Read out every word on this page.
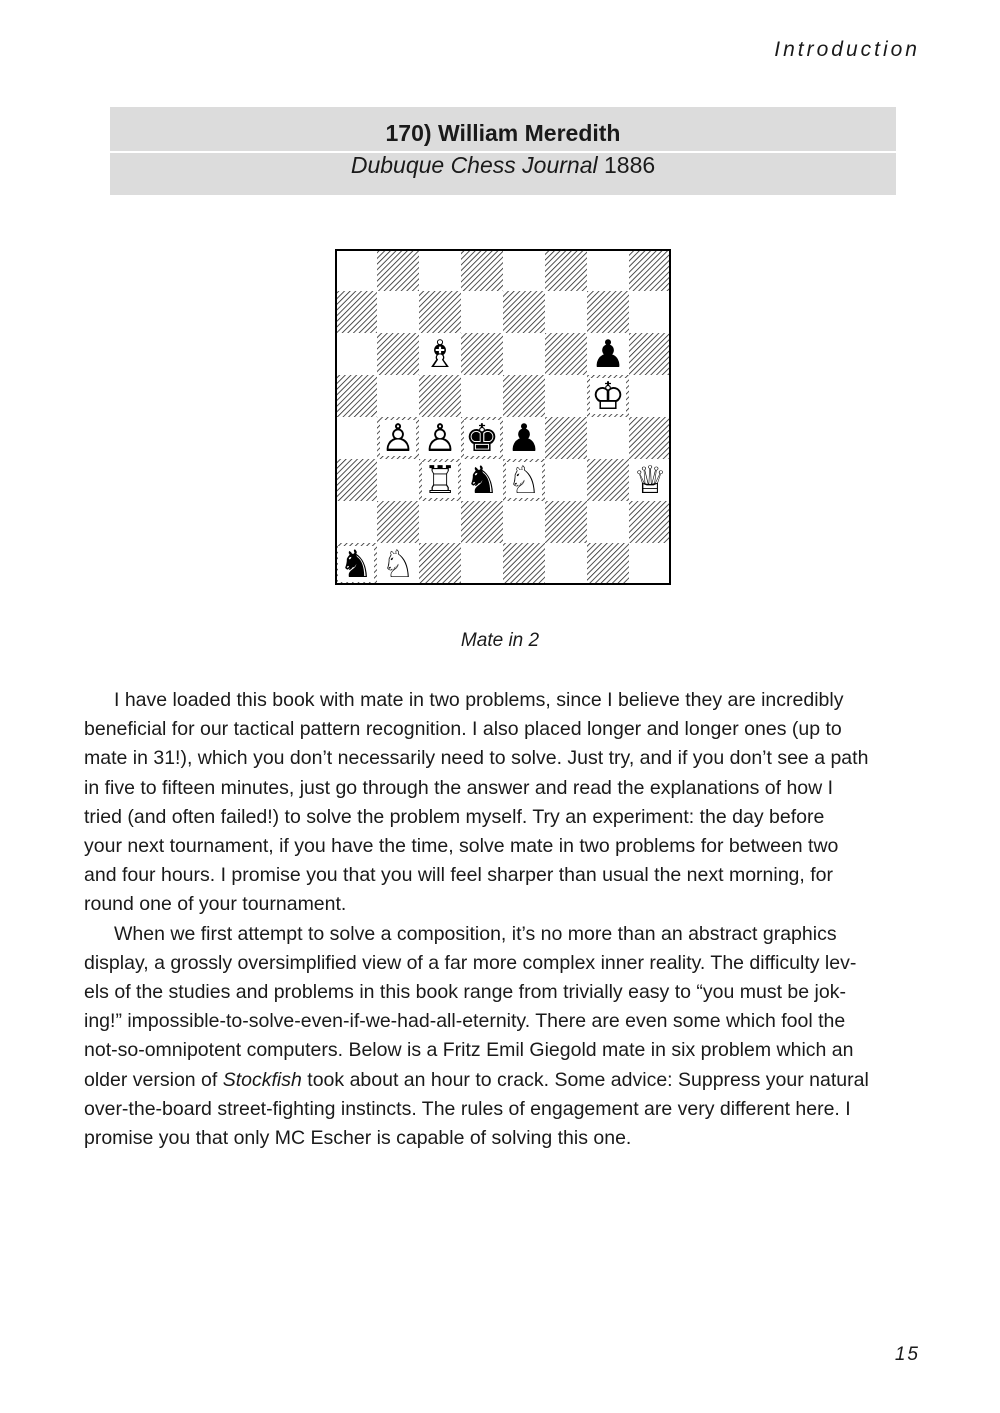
Introduction
170) William Meredith
Dubuque Chess Journal 1886
♗	♟
♔
♙ ♙ ♚ ♟
♖ ♞ ♘ ♕
♞ ♘
Mate in 2

I have loaded this book with mate in two problems, since I believe they are incredibly
beneficial for our tactical pattern recognition. I also placed longer and longer ones (up to
mate in 31!), which you don’t necessarily need to solve. Just try, and if you don’t see a path
in five to fifteen minutes, just go through the answer and read the explanations of how I
tried (and often failed!) to solve the problem myself. Try an experiment: the day before
your next tournament, if you have the time, solve mate in two problems for between two
and four hours. I promise you that you will feel sharper than usual the next morning, for
round one of your tournament.

When we first attempt to solve a composition, it’s no more than an abstract graphics
display, a grossly oversimplified view of a far more complex inner reality. The difficulty lev-
els of the studies and problems in this book range from trivially easy to “you must be jok-
ing!” impossible-to-solve-even-if-we-had-all-eternity. There are even some which fool the
not-so-omnipotent computers. Below is a Fritz Emil Giegold mate in six problem which an
older version of Stockfish took about an hour to crack. Some advice: Suppress your natural
over-the-board street-fighting instincts. The rules of engagement are very different here. I
promise you that only MC Escher is capable of solving this one.

15
